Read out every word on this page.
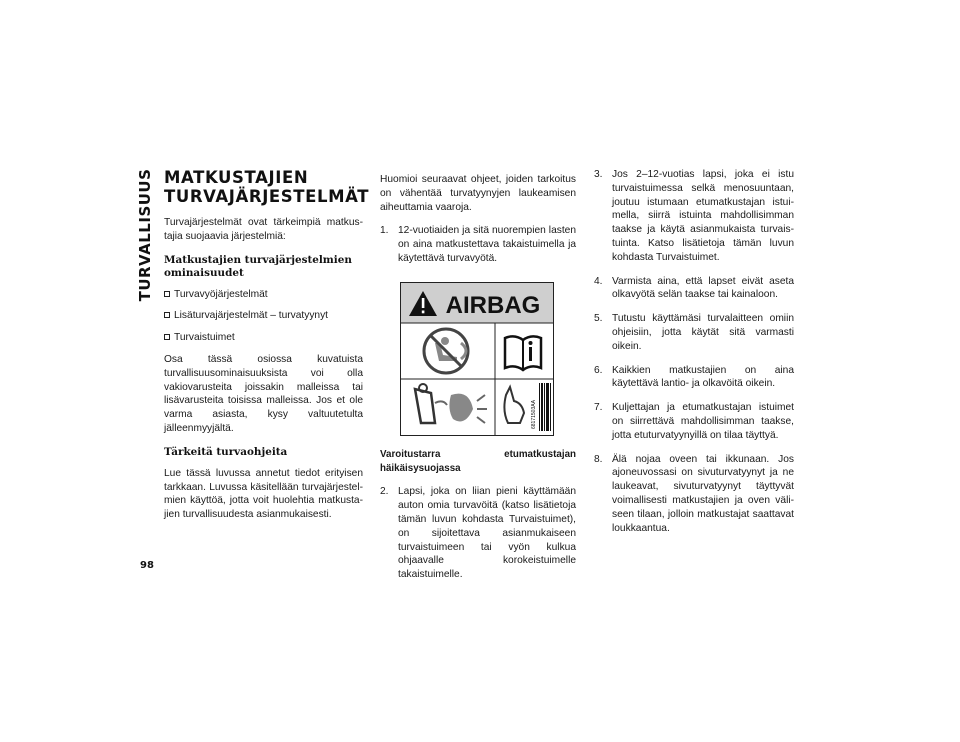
TURVALLISUUS
98
MATKUSTAJIEN
TURVAJÄRJESTELMÄT

Turvajärjestelmät ovat tärkeimpiä matkustajia suojaavia järjestelmiä:

Matkustajien turvajärjestelmien ominaisuudet
Turvavyöjärjestelmät
Lisäturvajärjestelmät – turvatyynyt
Turvaistuimet

Osa tässä osiossa kuvatuista turvallisuusominaisuuksista voi olla vakiovarusteita joissakin malleissa tai lisävarusteita toisissa malleissa. Jos et ole varma asiasta, kysy valtuutetulta jälleenmyyjältä.

Tärkeitä turvaohjeita

Lue tässä luvussa annetut tiedot erityisen tarkkaan. Luvussa käsitellään turvajärjestelmien käyttöä, jotta voit huolehtia matkustajien turvallisuudesta asianmukaisesti.

Huomioi seuraavat ohjeet, joiden tarkoitus on vähentää turvatyynyjen laukeamisen aiheuttamia vaaroja.

1. 12-vuotiaiden ja sitä nuorempien lasten on aina matkustettava takaistuimella ja käytettävä turvavyötä.
AIRBAG
68171503AA

Varoitustarra etumatkustajan häikäisysuojassa

2. Lapsi, joka on liian pieni käyttämään auton omia turvavöitä (katso lisätietoja tämän luvun kohdasta Turvaistuimet), on sijoitettava asianmukaiseen turvaistuimeen tai vyön kulkua ohjaavalle korokeistuimelle takaistuimelle.
3. Jos 2–12-vuotias lapsi, joka ei istu turvaistuimessa selkä menosuuntaan, joutuu istumaan etumatkustajan istuimella, siirrä istuinta mahdollisimman taakse ja käytä asianmukaista turvaistuinta. Katso lisätietoja tämän luvun kohdasta Turvaistuimet.
4. Varmista aina, että lapset eivät aseta olkavyötä selän taakse tai kainaloon.
5. Tutustu käyttämäsi turvalaitteen omiin ohjeisiin, jotta käytät sitä varmasti oikein.
6. Kaikkien matkustajien on aina käytettävä lantio- ja olkavöitä oikein.
7. Kuljettajan ja etumatkustajan istuimet on siirrettävä mahdollisimman taakse, jotta etuturvatyynyillä on tilaa täyttyä.
8. Älä nojaa oveen tai ikkunaan. Jos ajoneuvossasi on sivuturvatyynyt ja ne laukeavat, sivuturvatyynyt täyttyvät voimallisesti matkustajien ja oven väliseen tilaan, jolloin matkustajat saattavat loukkaantua.
